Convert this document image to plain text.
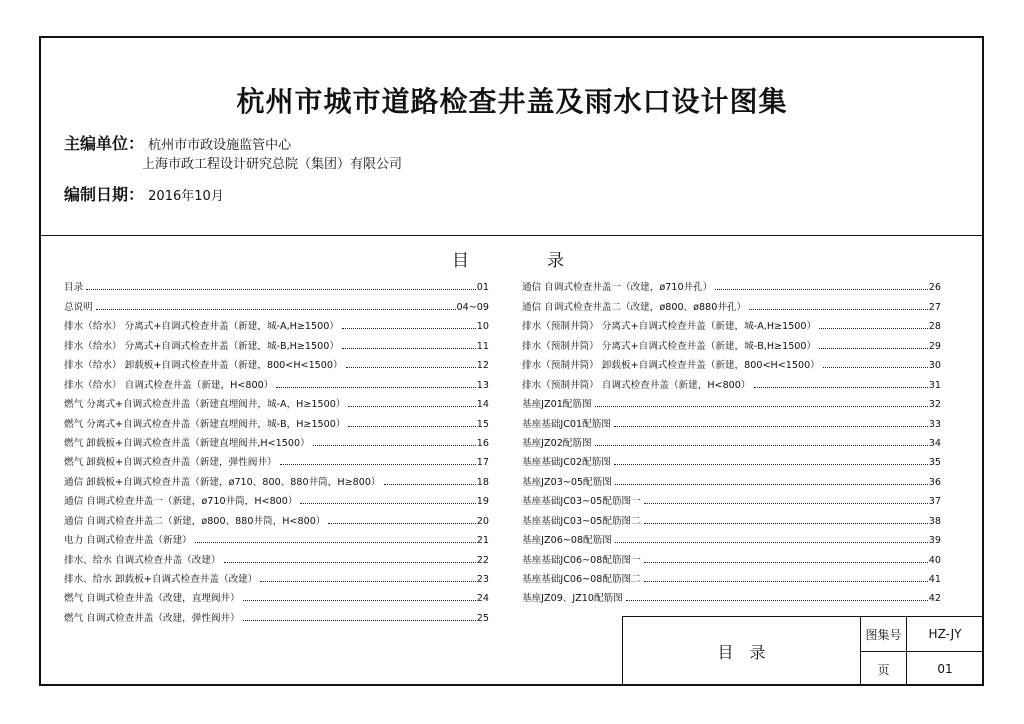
杭州市城市道路检查井盖及雨水口设计图集
主编单位： 杭州市市政设施监管中心
上海市政工程设计研究总院（集团）有限公司
编制日期： 2016年10月
目	录
目录	01
总说明	04~09
排水（给水） 分离式+自调式检查井盖（新建，城-A,H≥1500）	10
排水（给水） 分离式+自调式检查井盖（新建，城-B,H≥1500）	11
排水（给水） 卸载板+自调式检查井盖（新建，800<H<1500）	12
排水（给水） 自调式检查井盖（新建，H<800）	13
燃气 分离式+自调式检查井盖（新建直埋阀井，城-A，H≥1500）	14
燃气 分离式+自调式检查井盖（新建直埋阀井，城-B，H≥1500）	15
燃气 卸载板+自调式检查井盖（新建直埋阀井,H<1500）	16
燃气 卸载板+自调式检查井盖（新建，弹性阀井）	17
通信 卸载板+自调式检查井盖（新建，ø710、800、880井筒，H≥800）	18
通信 自调式检查井盖一（新建，ø710井筒，H<800）	19
通信 自调式检查井盖二（新建，ø800、880井筒，H<800）	20
电力 自调式检查井盖（新建）	21
排水、给水 自调式检查井盖（改建）	22
排水、给水 卸载板+自调式检查井盖（改建）	23
燃气 自调式检查井盖（改建，直埋阀井）	24
燃气 自调式检查井盖（改建，弹性阀井）	25
通信 自调式检查井盖一（改建，ø710井孔）	26
通信 自调式检查井盖二（改建，ø800、ø880井孔）	27
排水（预制井筒） 分离式+自调式检查井盖（新建，城-A,H≥1500）	28
排水（预制井筒） 分离式+自调式检查井盖（新建，城-B,H≥1500）	29
排水（预制井筒） 卸载板+自调式检查井盖（新建，800<H<1500）	30
排水（预制井筒） 自调式检查井盖（新建，H<800）	31
基座JZ01配筋图	32
基座基础JC01配筋图	33
基座JZ02配筋图	34
基座基础JC02配筋图	35
基座JZ03~05配筋图	36
基座基础JC03~05配筋图一	37
基座基础JC03~05配筋图二	38
基座JZ06~08配筋图	39
基座基础JC06~08配筋图一	40
基座基础JC06~08配筋图二	41
基座JZ09、JZ10配筋图	42
目　录
图集号	HZ-JY
页	01
